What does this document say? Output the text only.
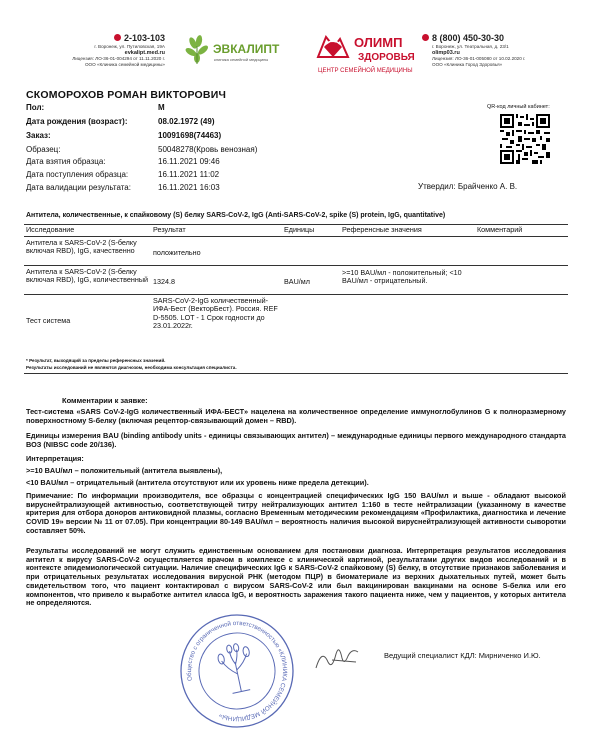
2-103-103
г. Воронеж, ул. Путиловская, 19А
evkalipt.med.ru
Лицензия: ЛО-36-01-004294 от 11.11.2020 г.
ООО «Клиника семейной медицины»
ЭВКАЛИПТ
клиника семейной медицины
ОЛИМП
ЗДОРОВЬЯ
ЦЕНТР СЕМЕЙНОЙ МЕДИЦИНЫ
8 (800) 450-30-30
г. Воронеж, ул. Театральная, д. 23/1
olimp03.ru
Лицензия: ЛО-36-01-005080 от 10.02.2020 г.
ООО «Клиника Город Здоровья»
СКОМОРОХОВ РОМАН ВИКТОРОВИЧ
Пол:	М
Дата рождения (возраст):	08.02.1972 (49)
Заказ:	10091698(74463)
Образец:	50048278(Кровь венозная)
Дата взятия образца:	16.11.2021 09:46
Дата поступления образца:	16.11.2021 11:02
Дата валидации результата:	16.11.2021 16:03
QR-код личный кабинет:
Утвердил: Брайченко А. В.
Антитела, количественные, к спайковому (S) белку SARS-CoV-2, IgG (Anti-SARS-CoV-2, spike (S) protein, IgG, quantitative)
Исследование	Результат	Единицы	Референсные значения	Комментарий
Антитела к SARS-CoV-2 (S-белку включая RBD), IgG, качественно	положительно			
Антитела к SARS-CoV-2 (S-белку включая RBD), IgG, количественный	1324.8	BAU/мл	>=10 BAU/мл - положительный; <10 BAU/мл - отрицательный.	
Тест система	SARS-CoV-2-IgG количественный-ИФА-Бест (ВекторБест). Россия. REF D-5505. LOT - 1 Срок годности до 23.01.2022г.			
* Результат, выходящий за пределы референсных значений.
Результаты исследований не являются диагнозом, необходима консультация специалиста.
Комментарии к заявке:
Тест-система «SARS CoV-2-IgG количественный ИФА-БЕСТ» нацелена на количественное определение иммуноглобулинов G к полноразмерному поверхностному S-белку (включая рецептор-связывающий домен – RBD).
Единицы измерения BAU (binding antibody units - единицы связывающих антител) – международные единицы первого международного стандарта ВОЗ (NIBSC code 20/136).
Интерпретация:
>=10 BAU/мл – положительный (антитела выявлены),
<10 BAU/мл – отрицательный (антитела отсутствуют или их уровень ниже предела детекции).
Примечание: По информации производителя, все образцы с концентрацией специфических IgG 150 BAU/мл и выше - обладают высокой вируснейтрализующей активностью, соответствующей титру нейтрализующих антител 1:160 в тесте нейтрализации (указанному в качестве критерия для отбора доноров антиковидной плазмы, согласно Временным методическим рекомендациям «Профилактика, диагностика и лечение COVID 19» версии № 11 от 07.05). При концентрации 80-149 BAU/мл – вероятность наличия высокой вируснейтрализующей активности сыворотки составляет 50%.
Результаты исследований не могут служить единственным основанием для постановки диагноза. Интерпретация результатов исследования антител к вирусу SARS-CoV-2 осуществляется врачом в комплексе с клинической картиной, результатами других видов исследований и в контексте эпидемиологической ситуации. Наличие специфических IgG к SARS-CoV-2 спайковому (S) белку, в отсутствие признаков заболевания и при отрицательных результатах исследования вирусной РНК (методом ПЦР) в биоматериале из верхних дыхательных путей, может быть свидетельством того, что пациент контактировал с вирусом SARS-CoV-2 или был вакцинирован вакцинами на основе S-белка или его компонентов, что привело к выработке антител класса IgG, и вероятность заражения такого пациента ниже, чем у пациентов, у которых антитела не определяются.
Общество с ограниченной ответственностью «КЛИНИКА СЕМЕЙНОЙ МЕДИЦИНЫ»
Ведущий специалист КДЛ: Мирниченко И.Ю.
